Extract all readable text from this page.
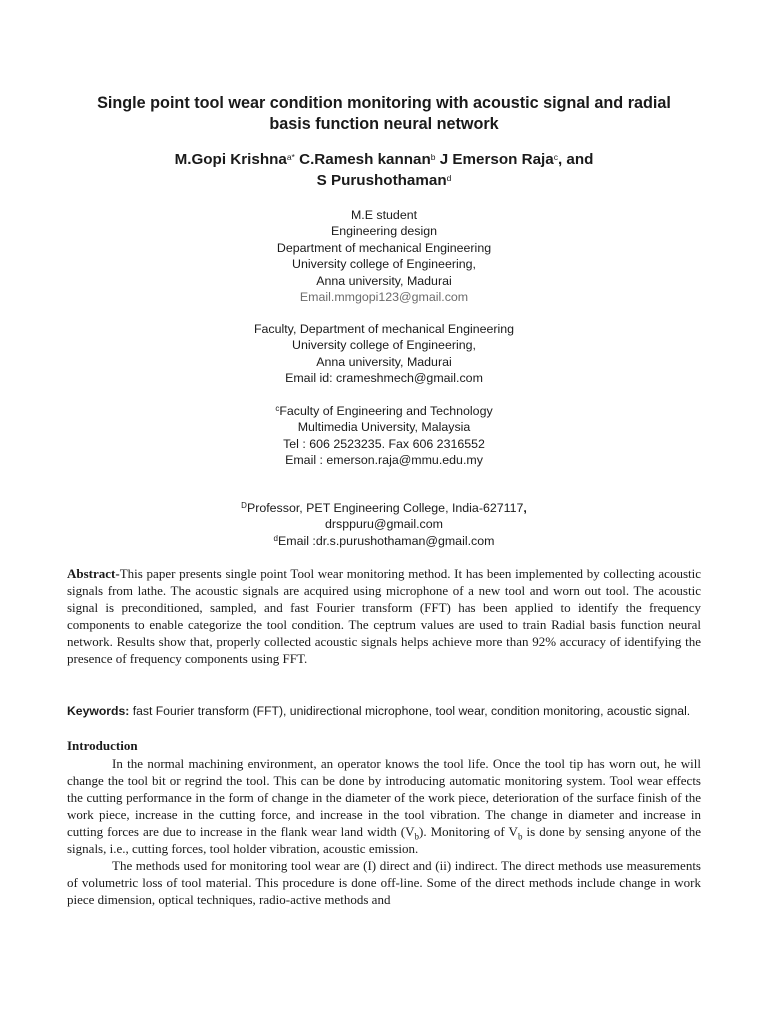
Single point tool wear condition monitoring with acoustic signal and radial
basis function neural network
M.Gopi Krishna$^{a*}$ C.Ramesh kannan$^b$ J Emerson Raja$^c$, and
S Purushothaman$^d$
M.E student
Engineering design
Department of mechanical Engineering
University college of Engineering,
Anna university, Madurai
Email.mmgopi123@gmail.com
Faculty, Department of mechanical Engineering
University college of Engineering,
Anna university, Madurai
Email id: crameshmech@gmail.com
$^c$Faculty of Engineering and Technology
Multimedia University, Malaysia
Tel : 606 2523235. Fax 606 2316552
Email : emerson.raja@mmu.edu.my
$^D$Professor, PET Engineering College, India-627117,
drsppuru@gmail.com
$^d$Email :dr.s.purushothaman@gmail.com

Abstract-This paper presents single point Tool wear monitoring method. It has been implemented by collecting acoustic signals from lathe. The acoustic signals are acquired using microphone of a new tool and worn out tool. The acoustic signal is preconditioned, sampled, and fast Fourier transform (FFT) has been applied to identify the frequency components to enable categorize the tool condition. The ceptrum values are used to train Radial basis function neural network. Results show that, properly collected acoustic signals helps achieve more than 92% accuracy of identifying the presence of frequency components using FFT.

Keywords: fast Fourier transform (FFT), unidirectional microphone, tool wear, condition monitoring, acoustic signal.

Introduction

In the normal machining environment, an operator knows the tool life. Once the tool tip has worn out, he will change the tool bit or regrind the tool. This can be done by introducing automatic monitoring system. Tool wear effects the cutting performance in the form of change in the diameter of the work piece, deterioration of the surface finish of the work piece, increase in the cutting force, and increase in the tool vibration. The change in diameter and increase in cutting forces are due to increase in the flank wear land width $(V_b)$. Monitoring of $V_b$ is done by sensing anyone of the signals, i.e., cutting forces, tool holder vibration, acoustic emission.

The methods used for monitoring tool wear are (I) direct and (ii) indirect. The direct methods use measurements of volumetric loss of tool material. This procedure is done off-line. Some of the direct methods include change in work piece dimension, optical techniques, radio-active methods and
